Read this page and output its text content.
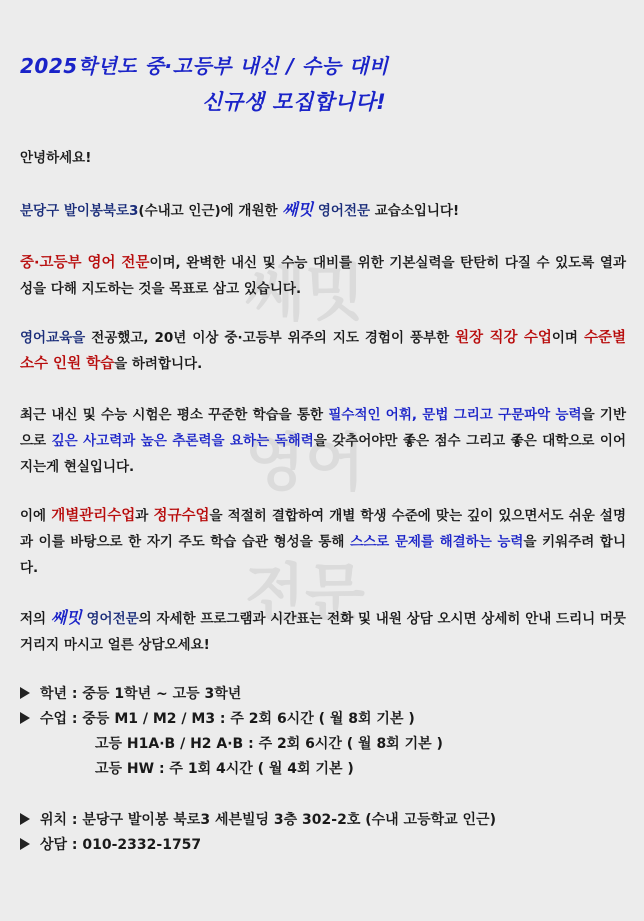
쌔밋
영어
전문
2025학년도 중·고등부 내신 / 수능 대비
신규생 모집합니다!
안녕하세요!
분당구 발이봉북로3(수내고 인근)에 개원한 쌔밋 영어전문 교습소입니다!
중·고등부 영어 전문이며, 완벽한 내신 및 수능 대비를 위한 기본실력을 탄탄히 다질 수 있도록 열과 성을 다해 지도하는 것을 목표로 삼고 있습니다.
영어교육을 전공했고, 20년 이상 중·고등부 위주의 지도 경험이 풍부한 원장 직강 수업이며 수준별 소수 인원 학습을 하려합니다.
최근 내신 및 수능 시험은 평소 꾸준한 학습을 통한 필수적인 어휘, 문법 그리고 구문파악 능력을 기반으로 깊은 사고력과 높은 추론력을 요하는 독해력을 갖추어야만 좋은 점수 그리고 좋은 대학으로 이어지는게 현실입니다.
이에 개별관리수업과 정규수업을 적절히 결합하여 개별 학생 수준에 맞는 깊이 있으면서도 쉬운 설명과 이를 바탕으로 한 자기 주도 학습 습관 형성을 통해 스스로 문제를 해결하는 능력을 키워주려 합니다.
저의 쌔밋 영어전문의 자세한 프로그램과 시간표는 전화 및 내원 상담 오시면 상세히 안내 드리니 머뭇거리지 마시고 얼른 상담오세요!
학년 : 중등 1학년 ~ 고등 3학년
수업 : 중등 M1 / M2 / M3 : 주 2회 6시간 ( 월 8회 기본 )
고등 H1A·B / H2 A·B : 주 2회 6시간 ( 월 8회 기본 )
고등 HW : 주 1회 4시간 ( 월 4회 기본 )
위치 : 분당구 발이봉 북로3 세븐빌딩 3층 302-2호 (수내 고등학교 인근)
상담 : 010-2332-1757
